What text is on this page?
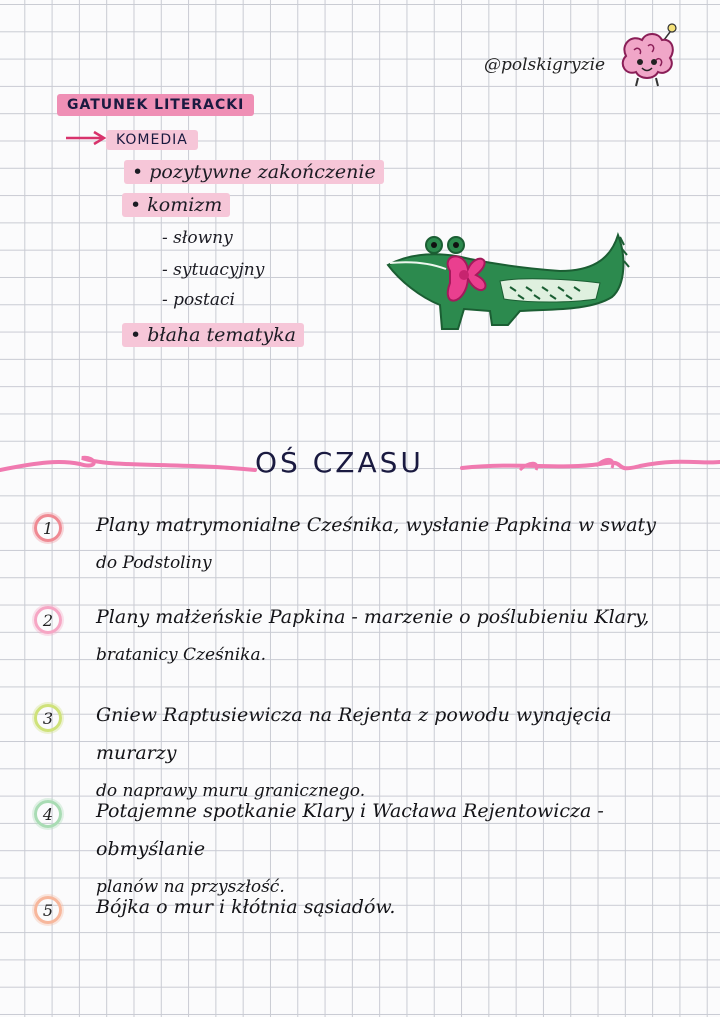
@polskigryzie
GATUNEK LITERACKI
KOMEDIA
• pozytywne zakończenie
• komizm
- słowny
- sytuacyjny
- postaci
• błaha tematyka
OŚ CZASU
1	Plany matrymonialne Cześnika, wysłanie Papkina w swaty
do Podstoliny
2	Plany małżeńskie Papkina - marzenie o poślubieniu Klary,
bratanicy Cześnika.
3	Gniew Raptusiewicza na Rejenta z powodu wynajęcia murarzy
do naprawy muru granicznego.
4	Potajemne spotkanie Klary i Wacława Rejentowicza - obmyślanie
planów na przyszłość.
5	Bójka o mur i kłótnia sąsiadów.
